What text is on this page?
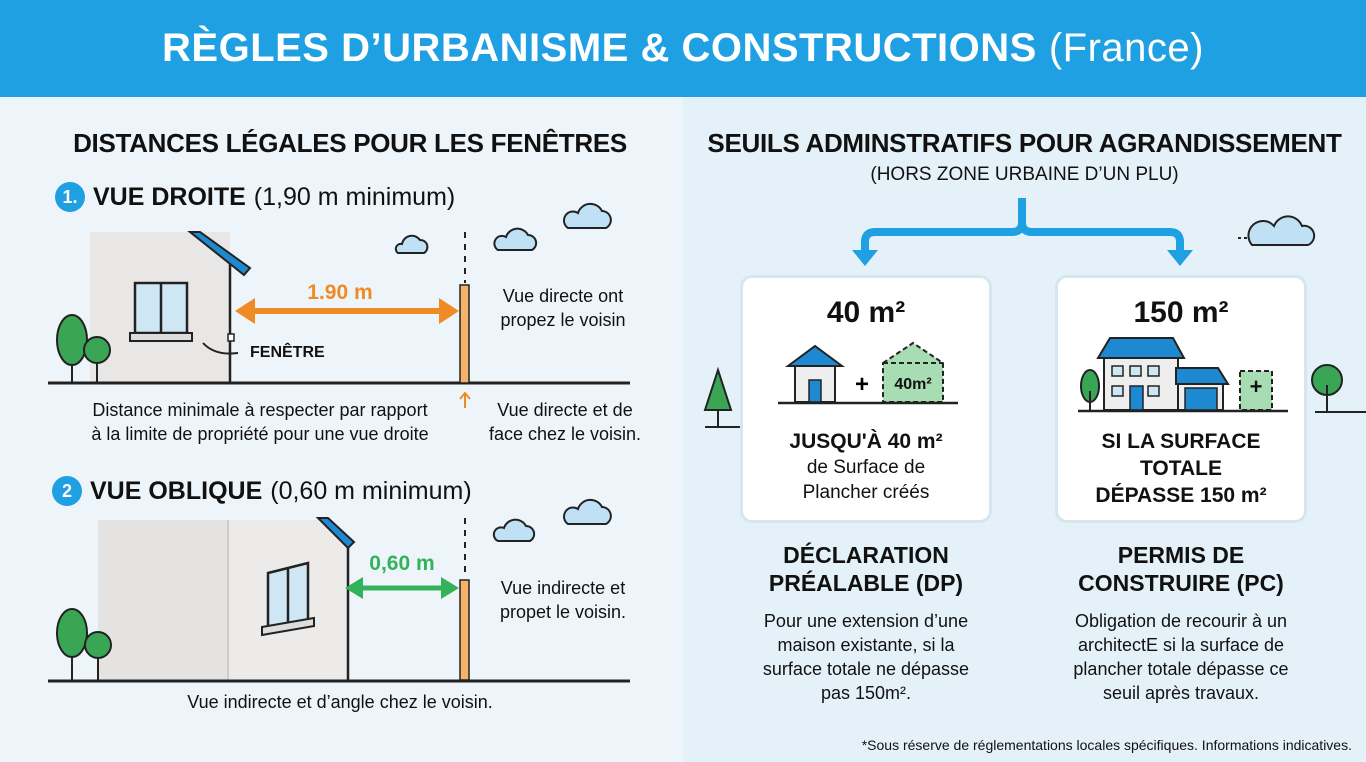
RÈGLES D’URBANISME & CONSTRUCTIONS (France)
DISTANCES LÉGALES POUR LES FENÊTRES
1. VUE DROITE (1,90 m minimum)
1.90 m
FENÊTRE
Vue directe ont
propez le voisin
Distance minimale à respecter par rapport
à la limite de propriété pour une vue droite
Vue directe et de
face chez le voisin.
2 VUE OBLIQUE (0,60 m minimum)
0,60 m
Vue indirecte et
propet le voisin.
Vue indirecte et d’angle chez le voisin.
SEUILS ADMINSTRATIFS POUR AGRANDISSEMENT
(HORS ZONE URBAINE D’UN PLU)
40 m²
+	40m²
JUSQU'À 40 m²
de Surface de
Plancher créés
150 m²
+
SI LA SURFACE
TOTALE
DÉPASSE 150 m²
DÉCLARATION
PRÉALABLE (DP)
Pour une extension d’une
maison existante, si la
surface totale ne dépasse
pas 150m².
PERMIS DE
CONSTRUIRE (PC)
Obligation de recourir à un
architectE si la surface de
plancher totale dépasse ce
seuil après travaux.
*Sous réserve de réglementations locales spécifiques. Informations indicatives.
